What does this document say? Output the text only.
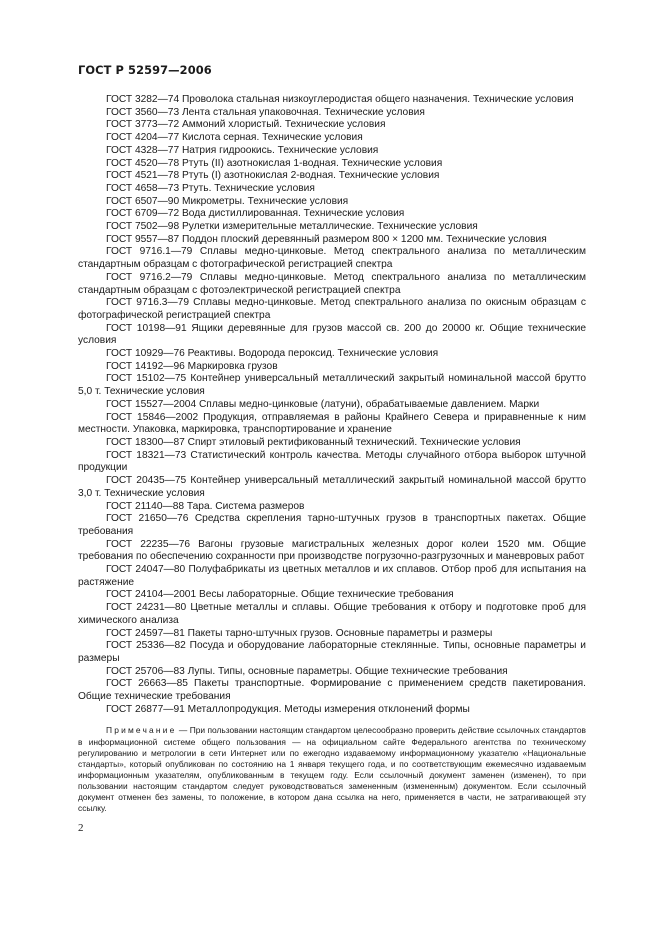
ГОСТ Р 52597—2006

ГОСТ 3282—74 Проволока стальная низкоуглеродистая общего назначения. Технические условия

ГОСТ 3560—73 Лента стальная упаковочная. Технические условия

ГОСТ 3773—72 Аммоний хлористый. Технические условия

ГОСТ 4204—77 Кислота серная. Технические условия

ГОСТ 4328—77 Натрия гидроокись. Технические условия

ГОСТ 4520—78 Ртуть (II) азотнокислая 1-водная. Технические условия

ГОСТ 4521—78 Ртуть (I) азотнокислая 2-водная. Технические условия

ГОСТ 4658—73 Ртуть. Технические условия

ГОСТ 6507—90 Микрометры. Технические условия

ГОСТ 6709—72 Вода дистиллированная. Технические условия

ГОСТ 7502—98 Рулетки измерительные металлические. Технические условия

ГОСТ 9557—87 Поддон плоский деревянный размером 800 × 1200 мм. Технические условия

ГОСТ 9716.1—79 Сплавы медно-цинковые. Метод спектрального анализа по металлическим стандартным образцам с фотографической регистрацией спектра

ГОСТ 9716.2—79 Сплавы медно-цинковые. Метод спектрального анализа по металлическим стандартным образцам с фотоэлектрической регистрацией спектра

ГОСТ 9716.3—79 Сплавы медно-цинковые. Метод спектрального анализа по окисным образцам с фотографической регистрацией спектра

ГОСТ 10198—91 Ящики деревянные для грузов массой св. 200 до 20000 кг. Общие технические условия

ГОСТ 10929—76 Реактивы. Водорода пероксид. Технические условия

ГОСТ 14192—96 Маркировка грузов

ГОСТ 15102—75 Контейнер универсальный металлический закрытый номинальной массой брутто 5,0 т. Технические условия

ГОСТ 15527—2004 Сплавы медно-цинковые (латуни), обрабатываемые давлением. Марки

ГОСТ 15846—2002 Продукция, отправляемая в районы Крайнего Севера и приравненные к ним местности. Упаковка, маркировка, транспортирование и хранение

ГОСТ 18300—87 Спирт этиловый ректификованный технический. Технические условия

ГОСТ 18321—73 Статистический контроль качества. Методы случайного отбора выборок штучной продукции

ГОСТ 20435—75 Контейнер универсальный металлический закрытый номинальной массой брутто 3,0 т. Технические условия

ГОСТ 21140—88 Тара. Система размеров

ГОСТ 21650—76 Средства скрепления тарно-штучных грузов в транспортных пакетах. Общие требования

ГОСТ 22235—76 Вагоны грузовые магистральных железных дорог колеи 1520 мм. Общие требования по обеспечению сохранности при производстве погрузочно-разгрузочных и маневровых работ

ГОСТ 24047—80 Полуфабрикаты из цветных металлов и их сплавов. Отбор проб для испытания на растяжение

ГОСТ 24104—2001 Весы лабораторные. Общие технические требования

ГОСТ 24231—80 Цветные металлы и сплавы. Общие требования к отбору и подготовке проб для химического анализа

ГОСТ 24597—81 Пакеты тарно-штучных грузов. Основные параметры и размеры

ГОСТ 25336—82 Посуда и оборудование лабораторные стеклянные. Типы, основные параметры и размеры

ГОСТ 25706—83 Лупы. Типы, основные параметры. Общие технические требования

ГОСТ 26663—85 Пакеты транспортные. Формирование с применением средств пакетирования. Общие технические требования

ГОСТ 26877—91 Металлопродукция. Методы измерения отклонений формы

Примечание — При пользовании настоящим стандартом целесообразно проверить действие ссылочных стандартов в информационной системе общего пользования — на официальном сайте Федерального агентства по техническому регулированию и метрологии в сети Интернет или по ежегодно издаваемому информационному указателю «Национальные стандарты», который опубликован по состоянию на 1 января текущего года, и по соответствующим ежемесячно издаваемым информационным указателям, опубликованным в текущем году. Если ссылочный документ заменен (изменен), то при пользовании настоящим стандартом следует руководствоваться замененным (измененным) документом. Если ссылочный документ отменен без замены, то положение, в котором дана ссылка на него, применяется в части, не затрагивающей эту ссылку.

2
